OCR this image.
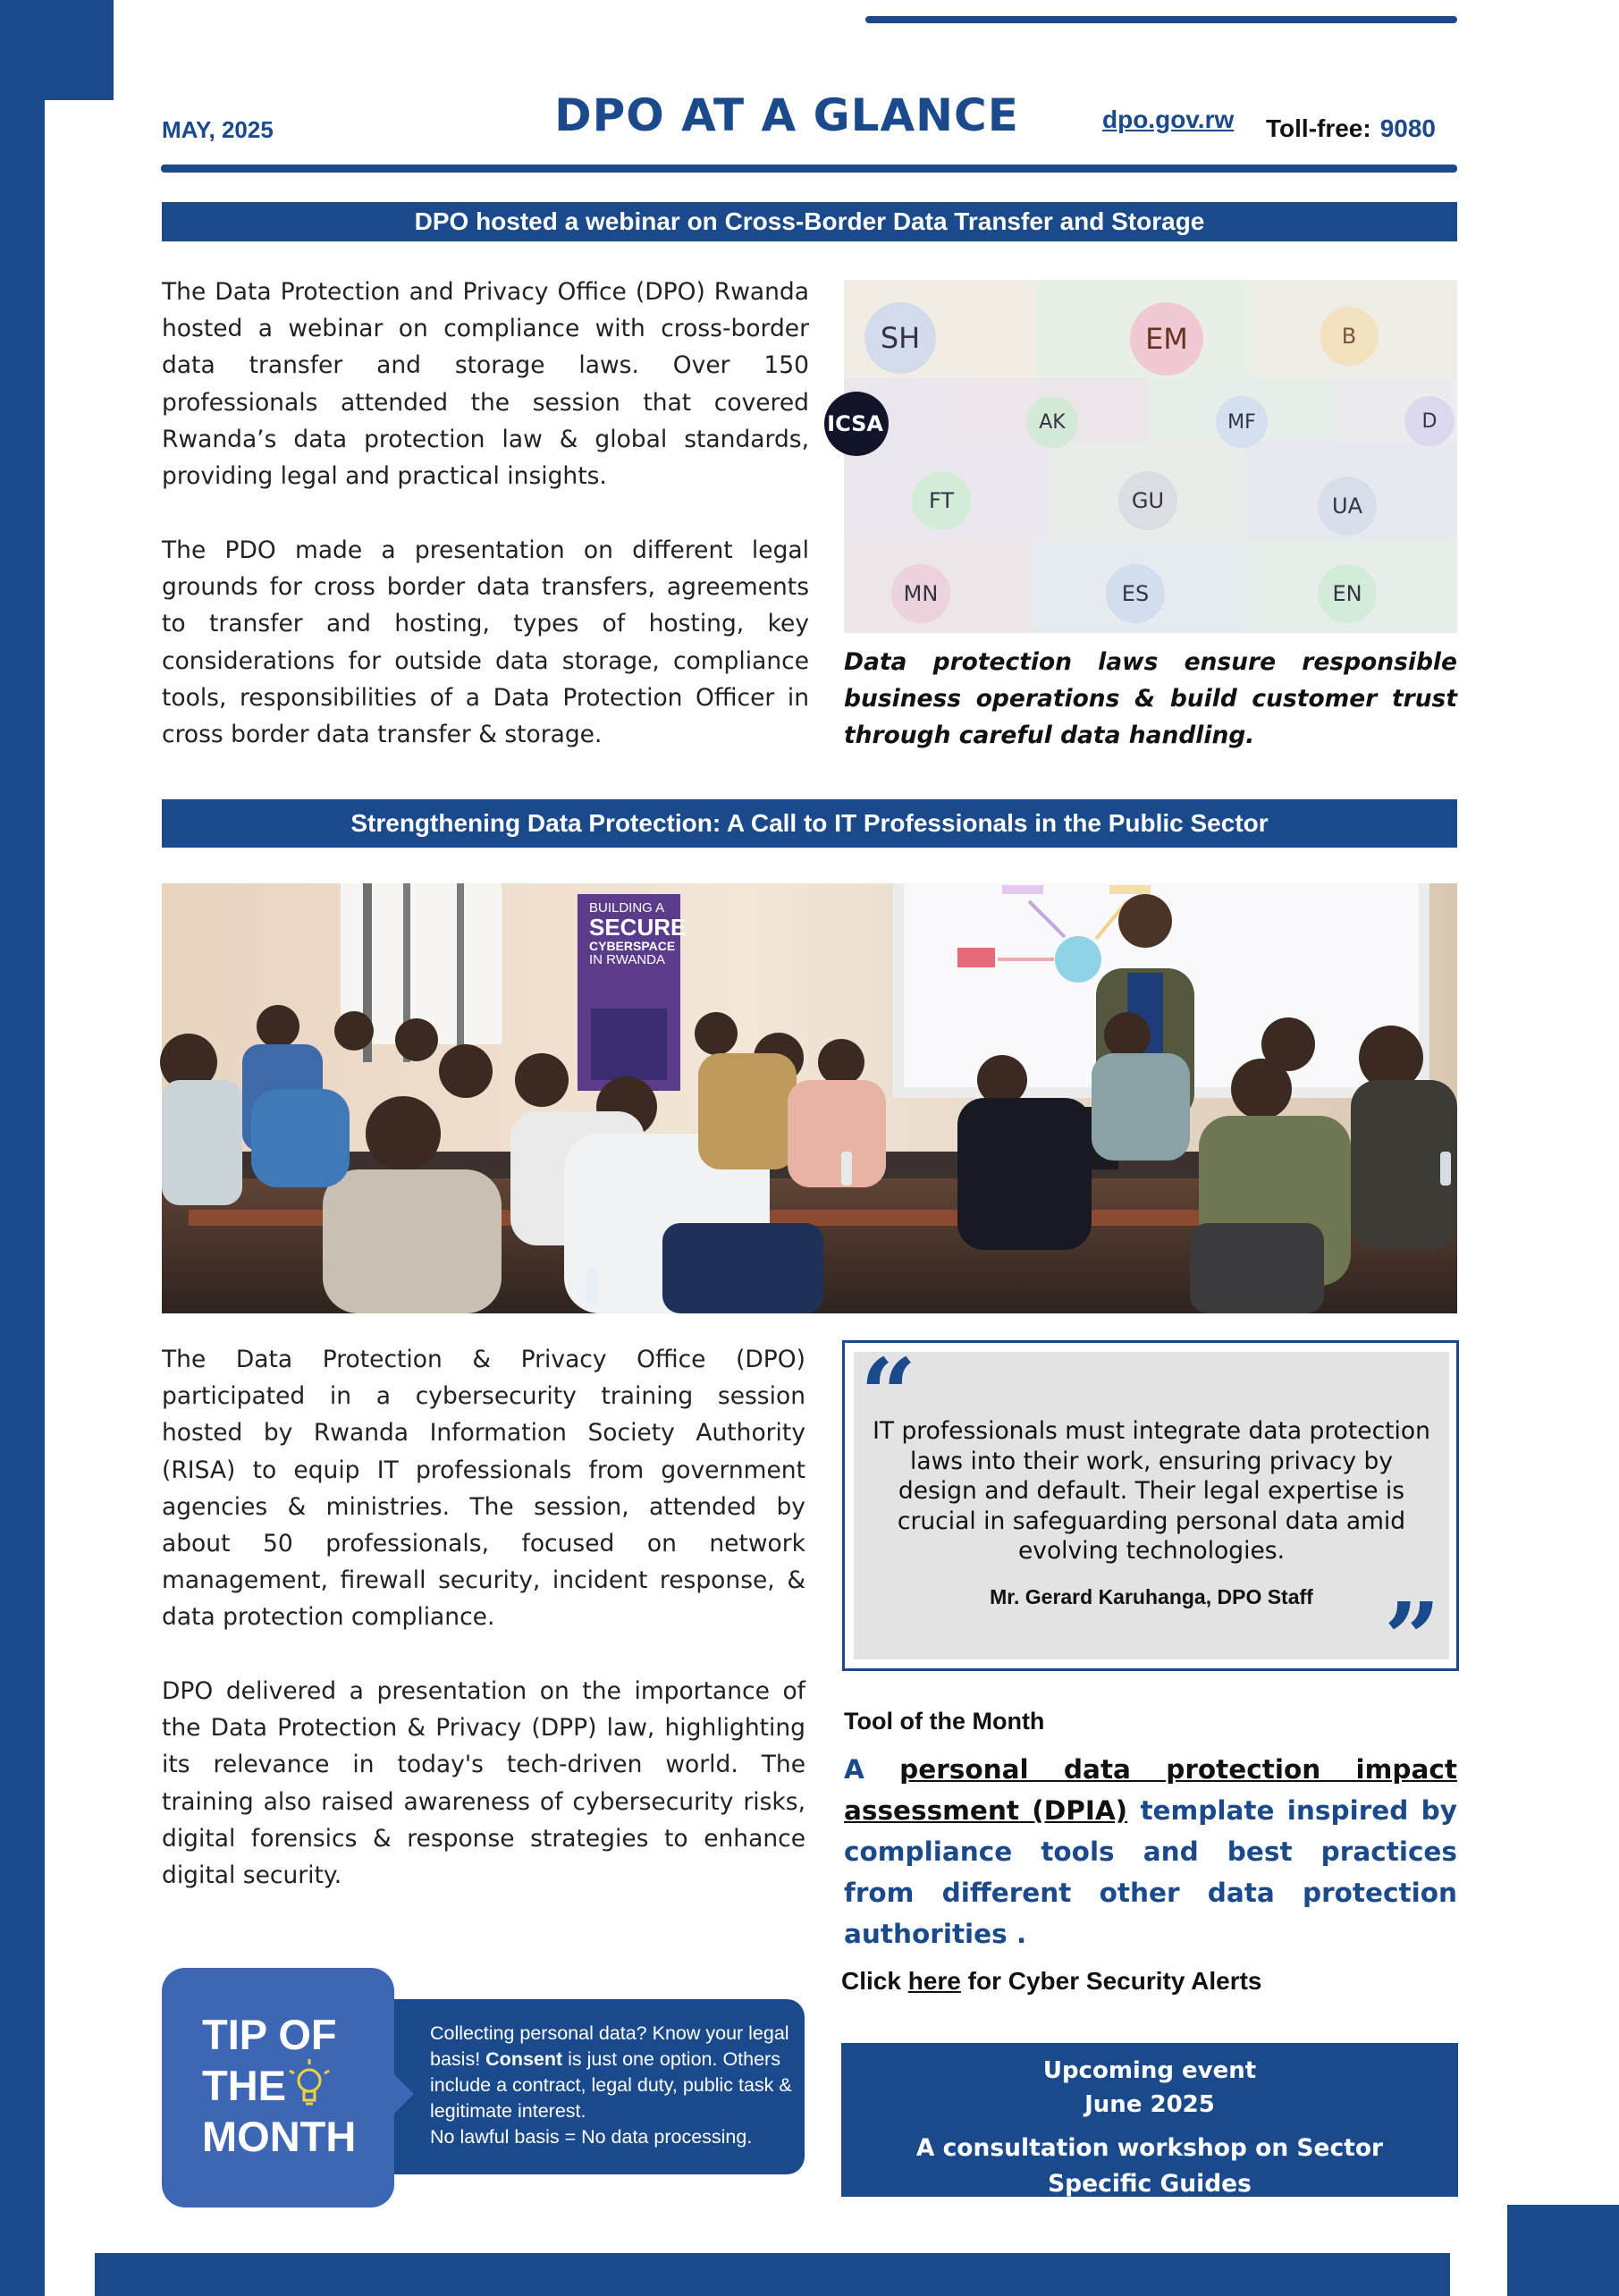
MAY, 2025	DPO AT A GLANCE	dpo.gov.rw Toll-free: 9080
DPO hosted a webinar on Cross-Border Data Transfer and Storage

The Data Protection and Privacy Office (DPO) Rwanda hosted a webinar on compliance with cross-border data transfer and storage laws. Over 150 professionals attended the session that covered Rwanda’s data protection law & global standards, providing legal and practical insights.

The PDO made a presentation on different legal grounds for cross border data transfers, agreements to transfer and hosting, types of hosting, key considerations for outside data storage, compliance tools, responsibilities of a Data Protection Officer in cross border data transfer & storage.

SH	EM	B
ICSA	AK	MF	D
FT	GU	UA
MN	ES	EN
Data protection laws ensure responsible business operations & build customer trust through careful data handling.
Strengthening Data Protection: A Call to IT Professionals in the Public Sector
BUILDING A
SECURE
CYBERSPACE
IN RWANDA

The Data Protection & Privacy Office (DPO) participated in a cybersecurity training session hosted by Rwanda Information Society Authority (RISA) to equip IT professionals from government agencies & ministries. The session, attended by about 50 professionals, focused on network management, firewall security, incident response, & data protection compliance.

DPO delivered a presentation on the importance of the Data Protection & Privacy (DPP) law, highlighting its relevance in today's tech-driven world. The training also raised awareness of cybersecurity risks, digital forensics & response strategies to enhance digital security.

“
IT professionals must integrate data protection laws into their work, ensuring privacy by design and default. Their legal expertise is crucial in safeguarding personal data amid evolving technologies.
Mr. Gerard Karuhanga, DPO Staff ”
Tool of the Month
A personal data protection impact assessment (DPIA) template inspired by compliance tools and best practices from different other data protection authorities .
Click here for Cyber Security Alerts
Upcoming event
June 2025
A consultation workshop on Sector Specific Guides
TIP OF
THE
MONTH
Collecting personal data? Know your legal basis! Consent is just one option. Others include a contract, legal duty, public task & legitimate interest.
No lawful basis = No data processing.
